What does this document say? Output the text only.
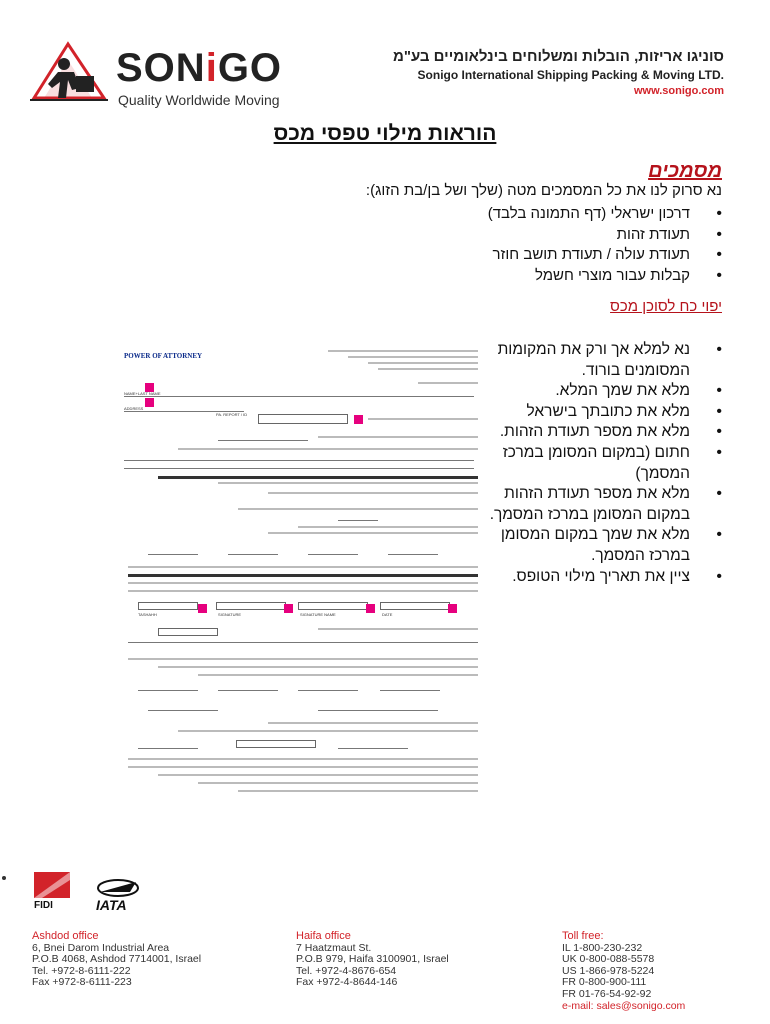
SONiGO
Quality Worldwide Moving
סוניגו אריזות, הובלות ומשלוחים בינלאומיים בע"מ
Sonigo International Shipping Packing & Moving LTD.
www.sonigo.com
הוראות מילוי טפסי מכס
מסמכים
נא סרוק לנו את כל המסמכים מטה (שלך ושל בן/בת הזוג):
• דרכון ישראלי (דף התמונה בלבד)
• תעודת זהות
• תעודת עולה / תעודת תושב חוזר
• קבלות עבור מוצרי חשמל
יפוי כח לסוכן מכס
• נא למלא אך ורק את המקומות המסומנים בורוד.
• מלא את שמך המלא.
• מלא את כתובתך בישראל
• מלא את מספר תעודת הזהות.
• חתום (במקום המסומן במרכז המסמך)
• מלא את מספר תעודת הזהות במקום המסומן במרכז המסמך.
• מלא את שמך במקום המסומן במרכז המסמך.
• ציין את תאריך מילוי הטופס.
POWER OF ATTORNEY
NAME+LAST NAME
ADDRESS
PA. REPORT / ID
TASHAHH	SIGNATURE	SIGNATURE NAME	DATE
FIDI	IATA
Ashdod office
6, Bnei Darom Industrial Area
P.O.B 4068, Ashdod 7714001, Israel
Tel. +972-8-6111-222
Fax +972-8-6111-223
Haifa office
7 Haatzmaut St.
P.O.B 979, Haifa 3100901, Israel
Tel. +972-4-8676-654
Fax +972-4-8644-146
Toll free:
IL 1-800-230-232
UK 0-800-088-5578
US 1-866-978-5224
FR 0-800-900-111
FR 01-76-54-92-92
e-mail: sales@sonigo.com
